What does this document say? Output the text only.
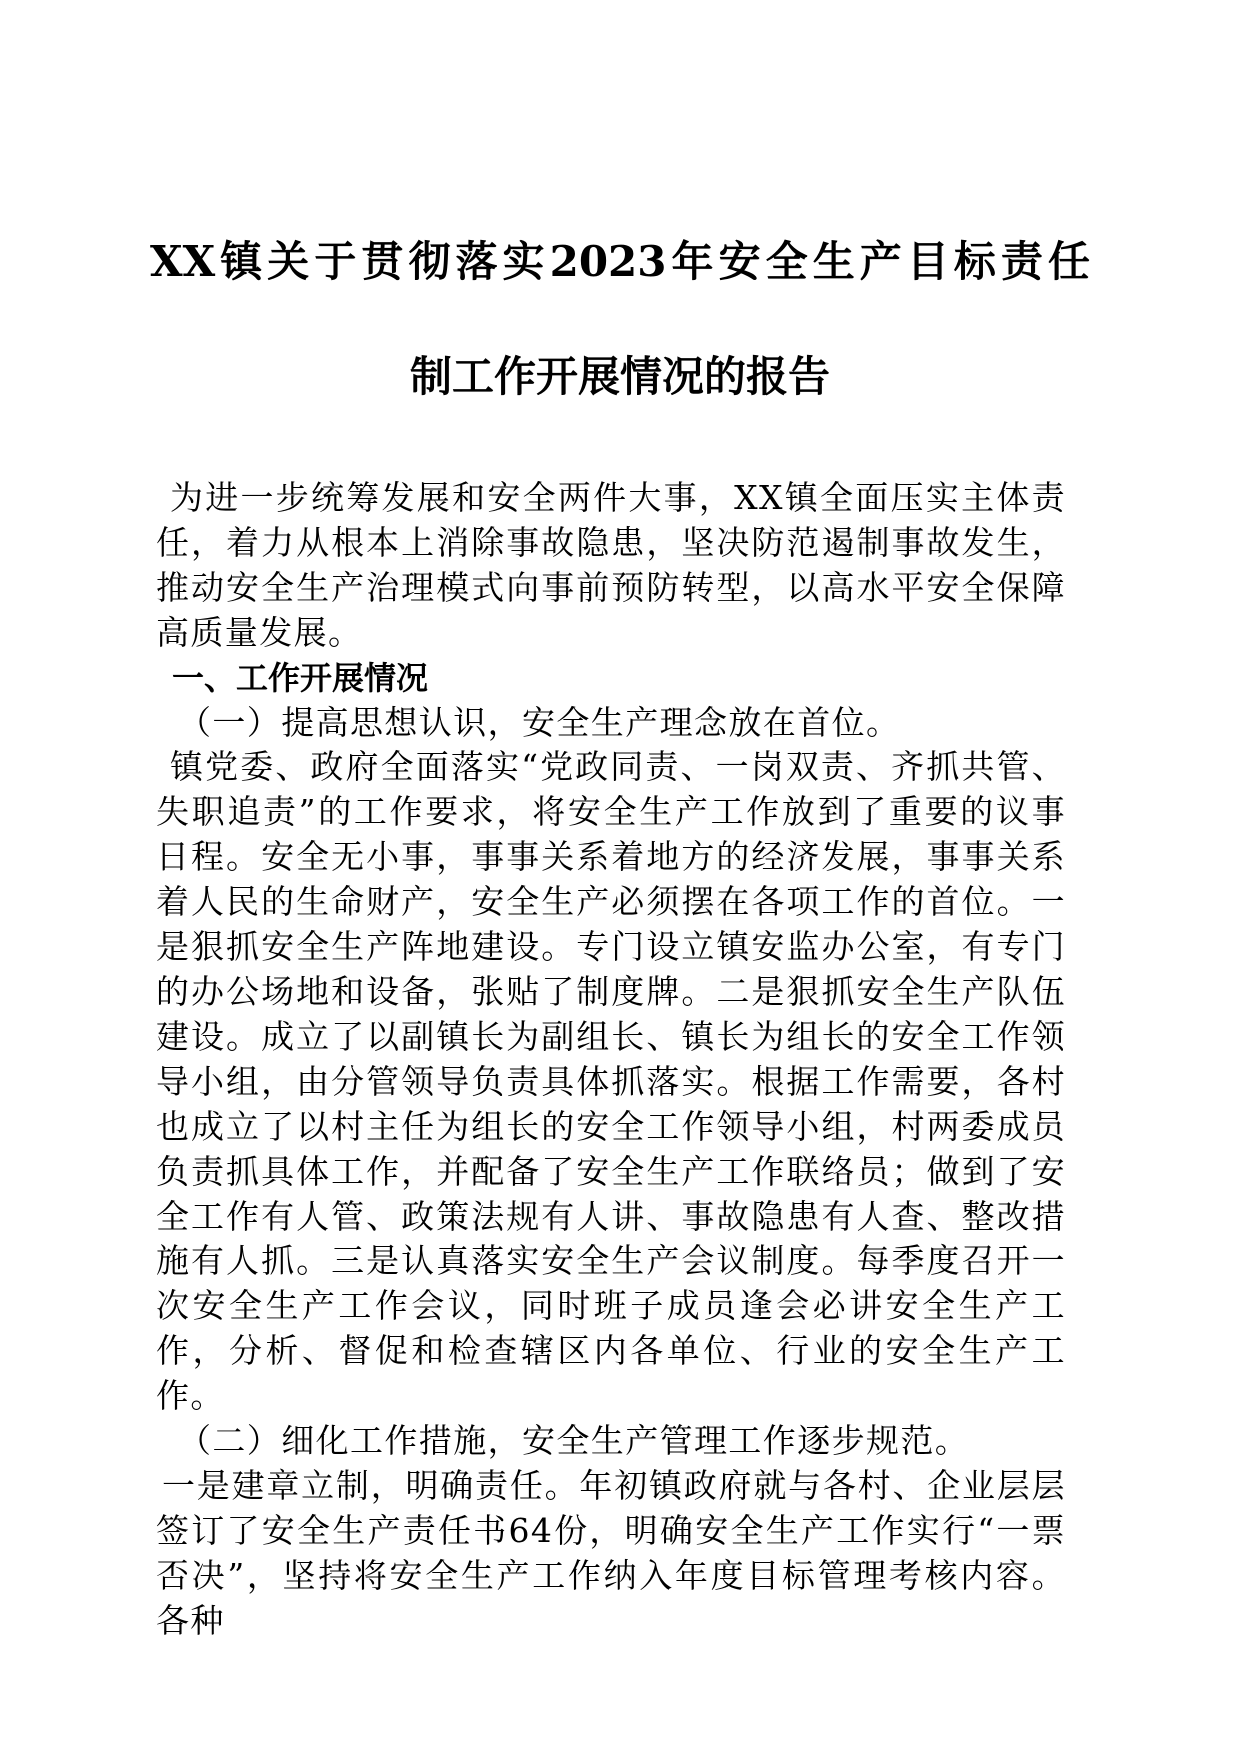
XX镇关于贯彻落实2023年安全生产目标责任
制工作开展情况的报告

为进一步统筹发展和安全两件大事，XX镇全面压实主体责任，着力从根本上消除事故隐患，坚决防范遏制事故发生，推动安全生产治理模式向事前预防转型，以高水平安全保障高质量发展。

一、工作开展情况

（一）提高思想认识，安全生产理念放在首位。

镇党委、政府全面落实“党政同责、一岗双责、齐抓共管、失职追责”的工作要求，将安全生产工作放到了重要的议事日程。安全无小事，事事关系着地方的经济发展，事事关系着人民的生命财产，安全生产必须摆在各项工作的首位。一是狠抓安全生产阵地建设。专门设立镇安监办公室，有专门的办公场地和设备，张贴了制度牌。二是狠抓安全生产队伍建设。成立了以副镇长为副组长、镇长为组长的安全工作领导小组，由分管领导负责具体抓落实。根据工作需要，各村也成立了以村主任为组长的安全工作领导小组，村两委成员负责抓具体工作，并配备了安全生产工作联络员；做到了安全工作有人管、政策法规有人讲、事故隐患有人查、整改措施有人抓。三是认真落实安全生产会议制度。每季度召开一次安全生产工作会议，同时班子成员逢会必讲安全生产工作，分析、督促和检查辖区内各单位、行业的安全生产工作。

（二）细化工作措施，安全生产管理工作逐步规范。

一是建章立制，明确责任。年初镇政府就与各村、企业层层签订了安全生产责任书64份，明确安全生产工作实行“一票否决”，坚持将安全生产工作纳入年度目标管理考核内容。各种
